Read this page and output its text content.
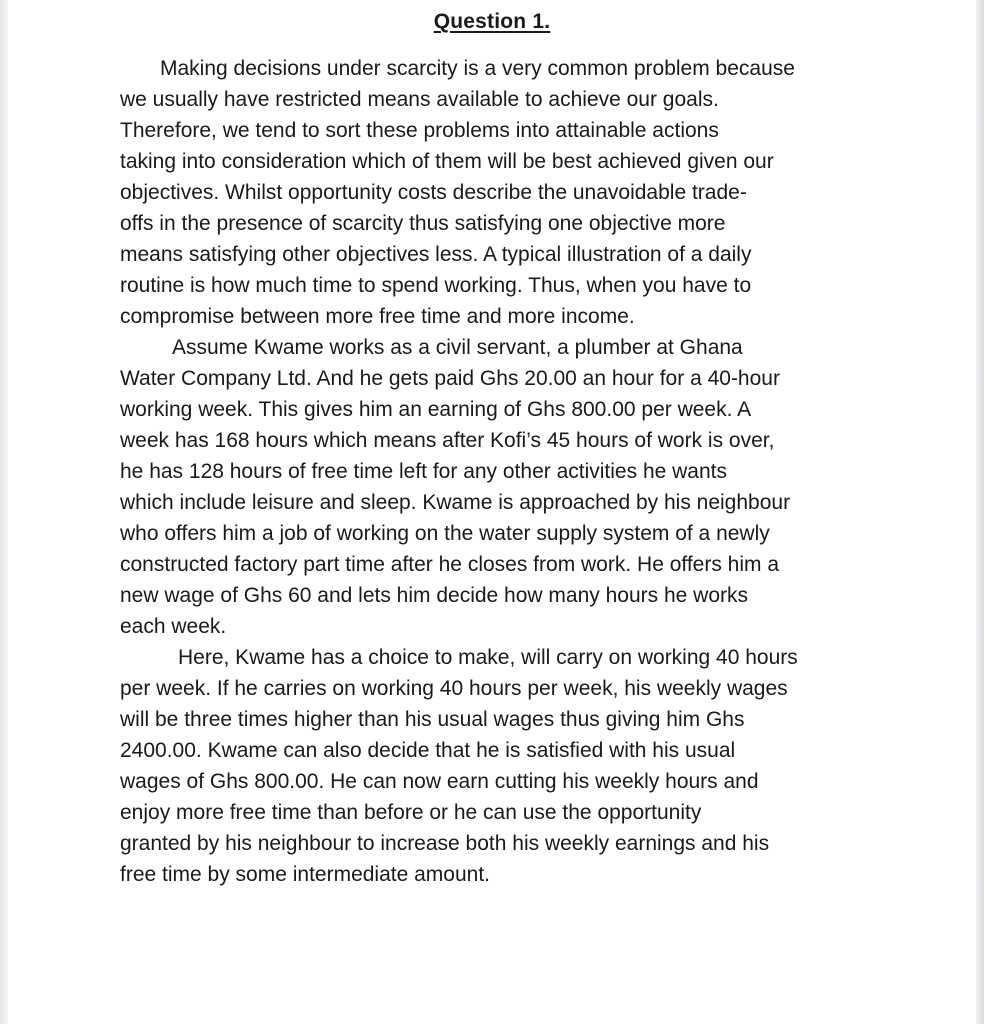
Question 1.
Making decisions under scarcity is a very common problem because
we usually have restricted means available to achieve our goals.
Therefore, we tend to sort these problems into attainable actions
taking into consideration which of them will be best achieved given our
objectives. Whilst opportunity costs describe the unavoidable trade-
offs in the presence of scarcity thus satisfying one objective more
means satisfying other objectives less. A typical illustration of a daily
routine is how much time to spend working. Thus, when you have to
compromise between more free time and more income.
Assume Kwame works as a civil servant, a plumber at Ghana
Water Company Ltd. And he gets paid Ghs 20.00 an hour for a 40-hour
working week. This gives him an earning of Ghs 800.00 per week. A
week has 168 hours which means after Kofi’s 45 hours of work is over,
he has 128 hours of free time left for any other activities he wants
which include leisure and sleep. Kwame is approached by his neighbour
who offers him a job of working on the water supply system of a newly
constructed factory part time after he closes from work. He offers him a
new wage of Ghs 60 and lets him decide how many hours he works
each week.
Here, Kwame has a choice to make, will carry on working 40 hours
per week. If he carries on working 40 hours per week, his weekly wages
will be three times higher than his usual wages thus giving him Ghs
2400.00. Kwame can also decide that he is satisfied with his usual
wages of Ghs 800.00. He can now earn cutting his weekly hours and
enjoy more free time than before or he can use the opportunity
granted by his neighbour to increase both his weekly earnings and his
free time by some intermediate amount.
